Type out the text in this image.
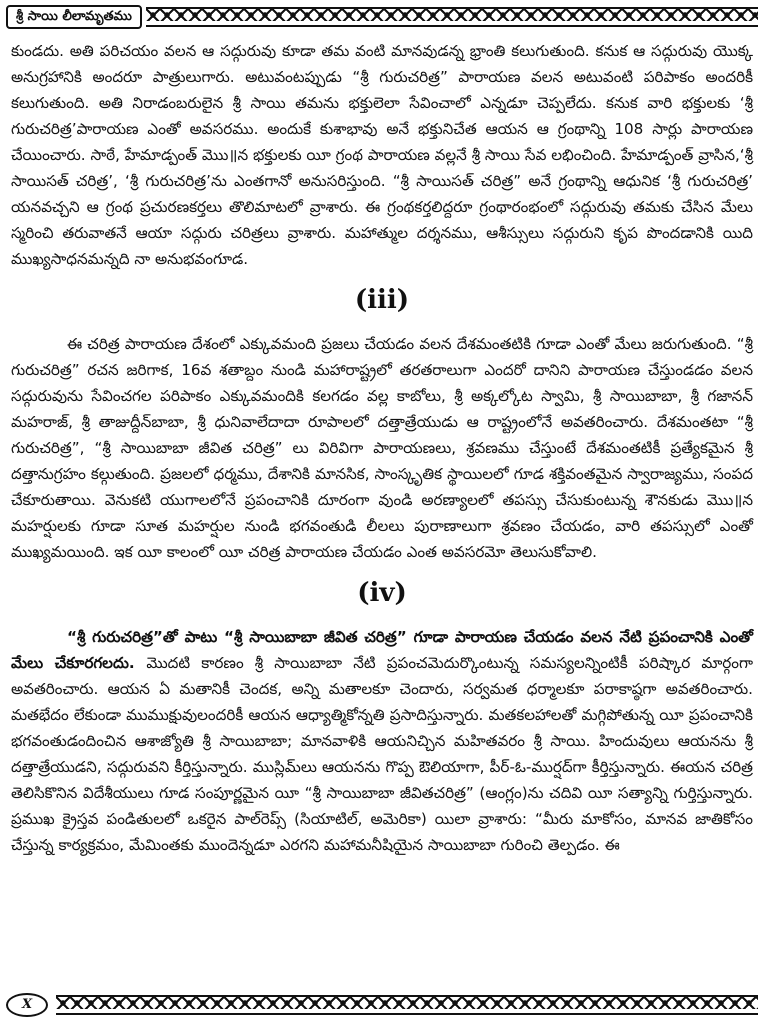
శ్రీ సాయి లీలామృతము

కుండదు. అతి పరిచయం వలన ఆ సద్గురువు కూడా తమ వంటి మానవుడన్న భ్రాంతి కలుగుతుంది. కనుక ఆ సద్గురువు యొక్క అనుగ్రహానికి అందరూ పాత్రులుగారు. అటువంటప్పుడు “శ్రీ గురుచరిత్ర” పారాయణ వలన అటువంటి పరిపాకం అందరికీ కలుగుతుంది. అతి నిరాడంబరులైన శ్రీ సాయి తమను భక్తులెలా సేవించాలో ఎన్నడూ చెప్పలేదు. కనుక వారి భక్తులకు ‘శ్రీ గురుచరిత్ర’పారాయణ ఎంతో అవసరము. అందుకే కుశాభావు అనే భక్తునిచేత ఆయన ఆ గ్రంథాన్ని 108 సార్లు పారాయణ చేయించారు. సాఠే, హేమాడ్పంత్ మొు॥న భక్తులకు యీ గ్రంథ పారాయణ వల్లనే శ్రీ సాయి సేవ లభించింది. హేమాడ్పంత్ వ్రాసిన,‘శ్రీ సాయిసత్ చరిత్ర’, ‘శ్రీ గురుచరిత్ర’ను ఎంతగానో అనుసరిస్తుంది. “శ్రీ సాయిసత్ చరిత్ర” అనే గ్రంథాన్ని ఆధునిక ‘శ్రీ గురుచరిత్ర’ యనవచ్చని ఆ గ్రంథ ప్రచురణకర్తలు తొలిమాటలో వ్రాశారు. ఈ గ్రంథకర్తలిద్దరూ గ్రంథారంభంలో సద్గురువు తమకు చేసిన మేలు స్మరించి తరువాతనే ఆయా సద్గురు చరిత్రలు వ్రాశారు. మహాత్ముల దర్శనము, ఆశీస్సులు సద్గురుని కృప పొందడానికి యిది ముఖ్యసాధనమన్నది నా అనుభవంగూడ.

(iii)

ఈ చరిత్ర పారాయణ దేశంలో ఎక్కువమంది ప్రజలు చేయడం వలన దేశమంతటికి గూడా ఎంతో మేలు జరుగుతుంది. “శ్రీ గురుచరిత్ర” రచన జరిగాక, 16వ శతాబ్దం నుండి మహారాష్ట్రలో తరతరాలుగా ఎందరో దానిని పారాయణ చేస్తుండడం వలన సద్గురువును సేవించగల పరిపాకం ఎక్కువమందికి కలగడం వల్ల కాబోలు, శ్రీ అక్కల్కోట స్వామి, శ్రీ సాయిబాబా, శ్రీ గజానన్ మహరాజ్, శ్రీ తాజుద్దీన్‌బాబా, శ్రీ ధునివాలేదాదా రూపాలలో దత్తాత్రేయుడు ఆ రాష్ట్రంలోనే అవతరించారు. దేశమంతటా “శ్రీ గురుచరిత్ర”, “శ్రీ సాయిబాబా జీవిత చరిత్ర” లు విరివిగా పారాయణలు, శ్రవణము చేస్తుంటే దేశమంతటికీ ప్రత్యేకమైన శ్రీ దత్తానుగ్రహం కల్గుతుంది. ప్రజలలో ధర్మము, దేశానికి మానసిక, సాంస్కృతిక స్థాయిలలో గూడ శక్తివంతమైన స్వారాజ్యము, సంపద చేకూరుతాయి. వెనుకటి యుగాలలోనే ప్రపంచానికి దూరంగా వుండి అరణ్యాలలో తపస్సు చేసుకుంటున్న శౌనకుడు మొు॥న మహర్షులకు గూడా సూత మహర్షుల నుండి భగవంతుడి లీలలు పురాణాలుగా శ్రవణం చేయడం, వారి తపస్సులో ఎంతో ముఖ్యమయింది. ఇక యీ కాలంలో యీ చరిత్ర పారాయణ చేయడం ఎంత అవసరమో తెలుసుకోవాలి.

(iv)

“శ్రీ గురుచరిత్ర”తో పాటు “శ్రీ సాయిబాబా జీవిత చరిత్ర” గూడా పారాయణ చేయడం వలన నేటి ప్రపంచానికి ఎంతో మేలు చేకూరగలదు.

మొదటి కారణం శ్రీ సాయిబాబా నేటి ప్రపంచమెదుర్కొంటున్న సమస్యలన్నింటికీ పరిష్కార మార్గంగా అవతరించారు. ఆయన ఏ మతానికీ చెందక, అన్ని మతాలకూ చెందారు, సర్వమత ధర్మాలకూ పరాకాష్ఠగా అవతరించారు. మతభేదం లేకుండా ముముక్షువులందరికీ ఆయన ఆధ్యాత్మికోన్నతి ప్రసాదిస్తున్నారు. మతకలహాలతో మగ్గిపోతున్న యీ ప్రపంచానికి భగవంతుడందించిన ఆశాజ్యోతి శ్రీ సాయిబాబా; మానవాళికి ఆయనిచ్చిన మహితవరం శ్రీ సాయి. హిందువులు ఆయనను శ్రీ దత్తాత్రేయుడని, సద్గురువని కీర్తిస్తున్నారు. ముస్లిమ్‌లు ఆయనను గొప్ప ఔలియాగా, పీర్-ఓ-ముర్షద్‌గా కీర్తిస్తున్నారు. ఈయన చరిత్ర తెలిసికొనిన విదేశీయులు గూడ సంపూర్ణమైన యీ “శ్రీ సాయిబాబా జీవితచరిత్ర” (ఆంగ్లం)ను చదివి యీ సత్యాన్ని గుర్తిస్తున్నారు. ప్రముఖ క్రైస్తవ పండితులలో ఒకరైన పాల్‌రెప్స్ (సియాటిల్, అమెరికా) యిలా వ్రాశారు: “మీరు మాకోసం, మానవ జాతికోసం చేస్తున్న కార్యక్రమం, మేమింతకు ముందెన్నడూ ఎరగని మహామనీషియైన సాయిబాబా గురించి తెల్పడం. ఈ

X
